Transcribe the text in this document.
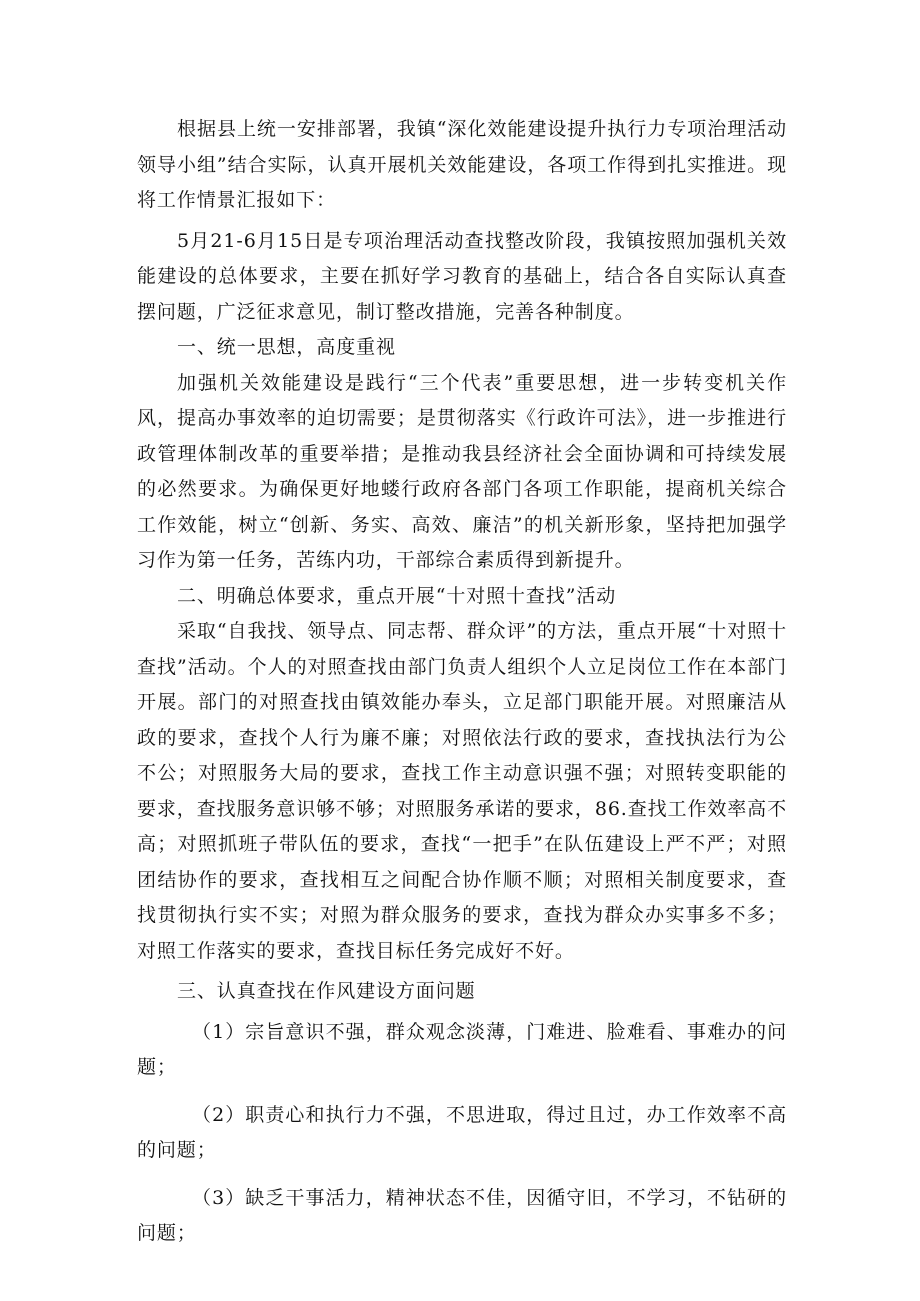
根据县上统一安排部署，我镇“深化效能建设提升执行力专项治理活动领导小组”结合实际，认真开展机关效能建设，各项工作得到扎实推进。现将工作情景汇报如下：

5月21-6月15日是专项治理活动查找整改阶段，我镇按照加强机关效能建设的总体要求，主要在抓好学习教育的基础上，结合各自实际认真查摆问题，广泛征求意见，制订整改措施，完善各种制度。

一、统一思想，高度重视

加强机关效能建设是践行“三个代表”重要思想，进一步转变机关作风，提高办事效率的迫切需要；是贯彻落实《行政许可法》，进一步推进行政管理体制改革的重要举措；是推动我县经济社会全面协调和可持续发展的必然要求。为确保更好地蝼行政府各部门各项工作职能，提商机关综合工作效能，树立“创新、务实、高效、廉洁”的机关新形象，坚持把加强学习作为第一任务，苦练内功，干部综合素质得到新提升。

二、明确总体要求，重点开展“十对照十查找”活动

采取“自我找、领导点、同志帮、群众评”的方法，重点开展“十对照十查找”活动。个人的对照查找由部门负责人组织个人立足岗位工作在本部门开展。部门的对照查找由镇效能办奉头，立足部门职能开展。对照廉洁从政的要求，查找个人行为廉不廉；对照依法行政的要求，查找执法行为公不公；对照服务大局的要求，查找工作主动意识强不强；对照转变职能的要求，查找服务意识够不够；对照服务承诺的要求，86.查找工作效率高不高；对照抓班子带队伍的要求，查找“一把手”在队伍建设上严不严；对照团结协作的要求，查找相互之间配合协作顺不顺；对照相关制度要求，查找贯彻执行实不实；对照为群众服务的要求，查找为群众办实事多不多；对照工作落实的要求，查找目标任务完成好不好。

三、认真查找在作风建设方面问题

（1）宗旨意识不强，群众观念淡薄，门难进、脸难看、事难办的问题；

（2）职责心和执行力不强，不思进取，得过且过，办工作效率不高的问题；

（3）缺乏干事活力，精神状态不佳，因循守旧，不学习，不钻研的问题；
